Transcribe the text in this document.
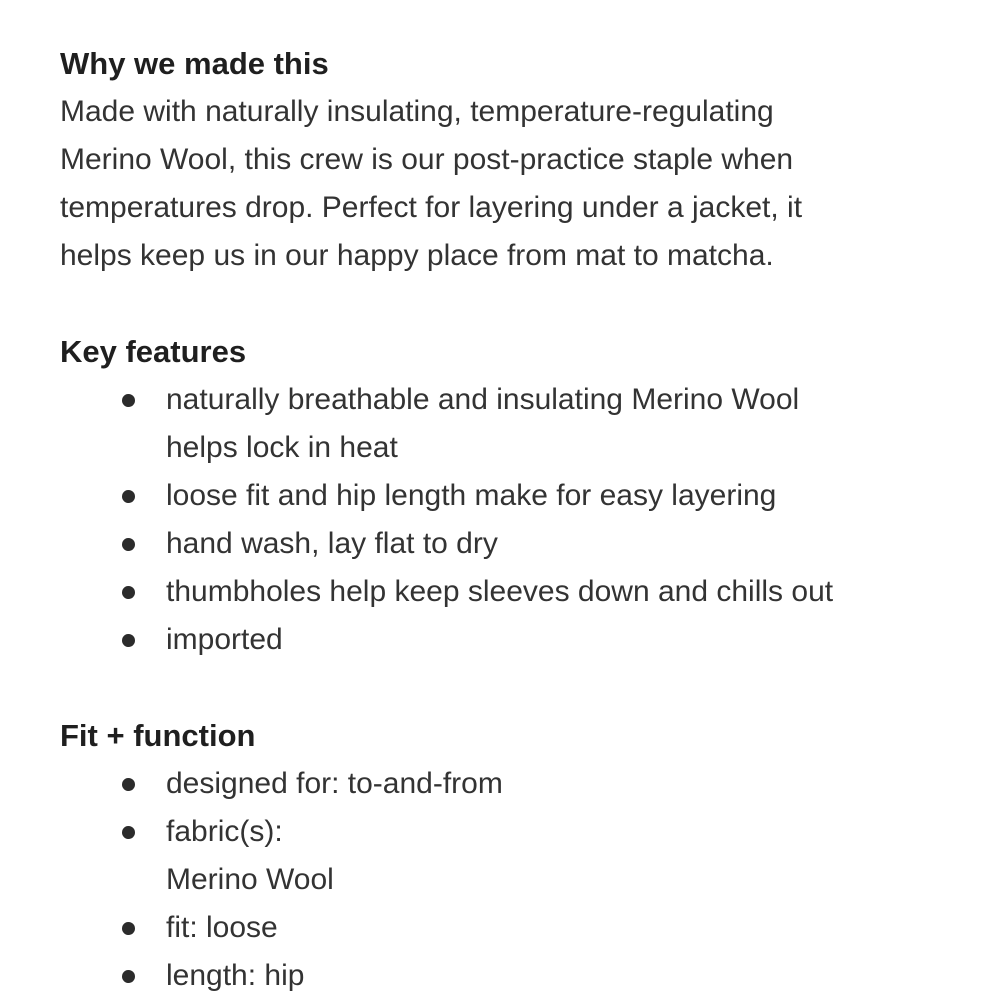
Why we made this

Made with naturally insulating, temperature-regulating
Merino Wool, this crew is our post-practice staple when
temperatures drop. Perfect for layering under a jacket, it
helps keep us in our happy place from mat to matcha.

Key features
naturally breathable and insulating Merino Wool
helps lock in heat
loose fit and hip length make for easy layering
hand wash, lay flat to dry
thumbholes help keep sleeves down and chills out
imported
Fit + function
designed for: to-and-from
fabric(s):
Merino Wool
fit: loose
length: hip
